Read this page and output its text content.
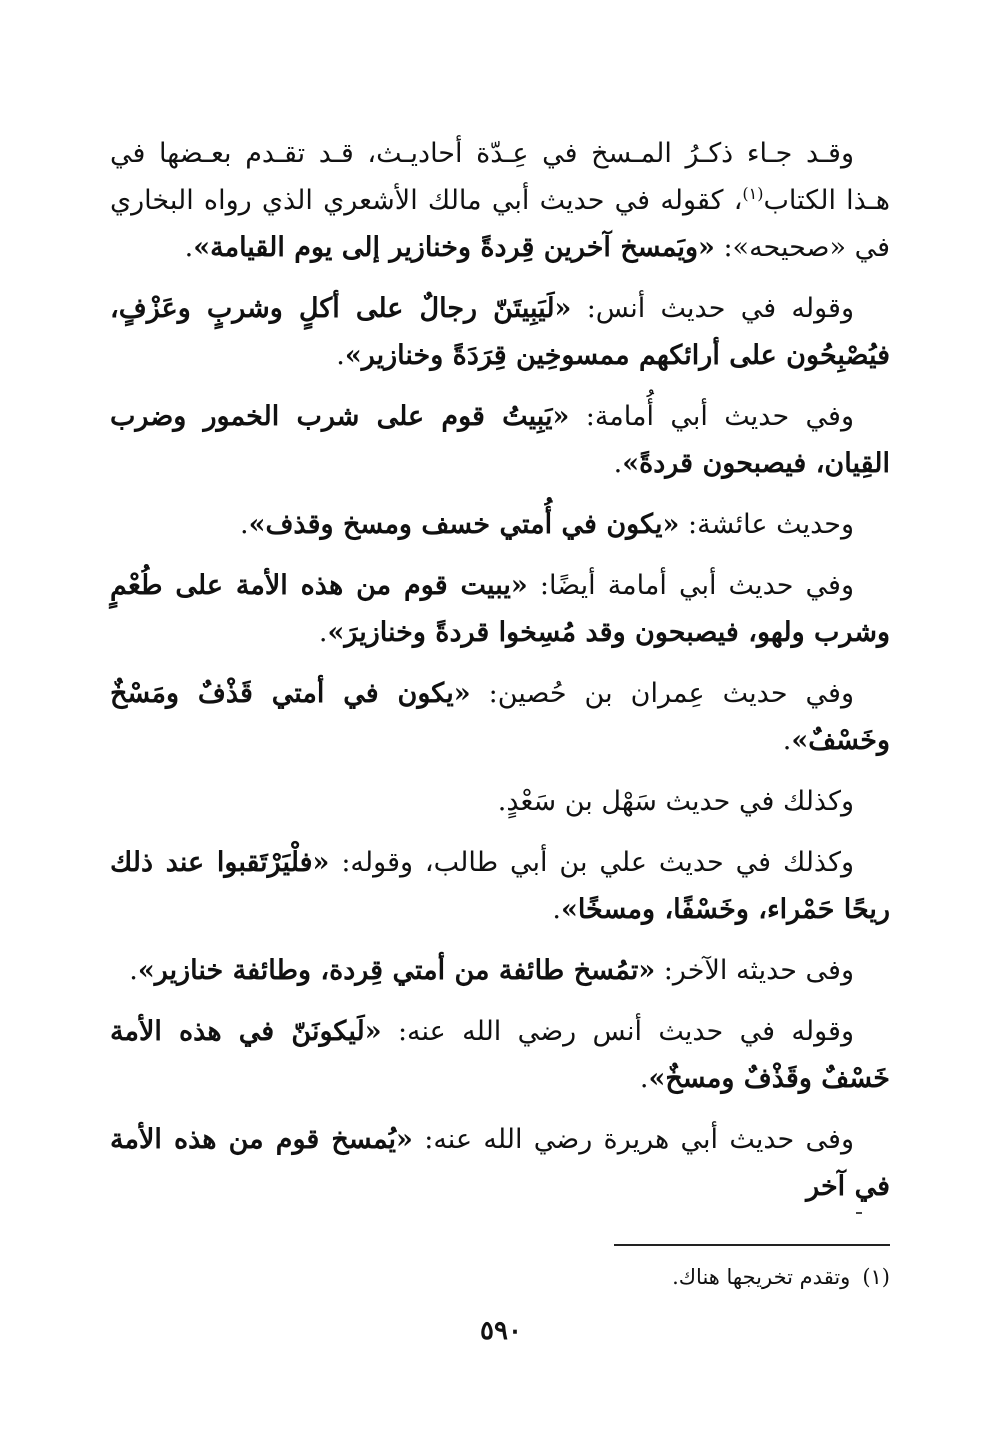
وقـد جـاء ذكـرُ المـسخ في عِـدّة أحاديـث، قـد تقـدم بعـضها في هـذا الكتاب$^{(١)}$، كقوله في حديث أبي مالك الأشعري الذي رواه البخاري في «صحيحه»: «ويَمسخ آخرين قِردةً وخنازير إلى يوم القيامة».

وقوله في حديث أنس: «لَيَبِيتَنّ رجالٌ على أكلٍ وشربٍ وعَزْفٍ، فيُصْبِحُون على أرائكهم ممسوخِين قِرَدَةً وخنازير».

وفي حديث أبي أُمامة: «يَبِيتُ قوم على شرب الخمور وضرب القِيان، فيصبحون قردةً».

وحديث عائشة: «يكون في أُمتي خسف ومسخ وقذف».

وفي حديث أبي أمامة أيضًا: «يبيت قوم من هذه الأمة على طُعْمٍ وشرب ولهو، فيصبحون وقد مُسِخوا قردةً وخنازيرَ».

وفي حديث عِمران بن حُصين: «يكون في أمتي قَذْفٌ ومَسْخٌ وخَسْفٌ».

وكذلك في حديث سَهْل بن سَعْدٍ.

وكذلك في حديث علي بن أبي طالب، وقوله: «فلْيَرْتَقبوا عند ذلك ريحًا حَمْراء، وخَسْفًا، ومسخًا».

وفى حديثه الآخر: «تمُسخ طائفة من أمتي قِردة، وطائفة خنازير».

وقوله في حديث أنس رضي الله عنه: «لَيكونَنّ في هذه الأمة خَسْفٌ وقَذْفٌ ومسخٌ».

وفى حديث أبي هريرة رضي الله عنه: «يُمسخ قوم من هذه الأمة في آخر

(١)وتقدم تخريجها هناك.
٥٩٠
